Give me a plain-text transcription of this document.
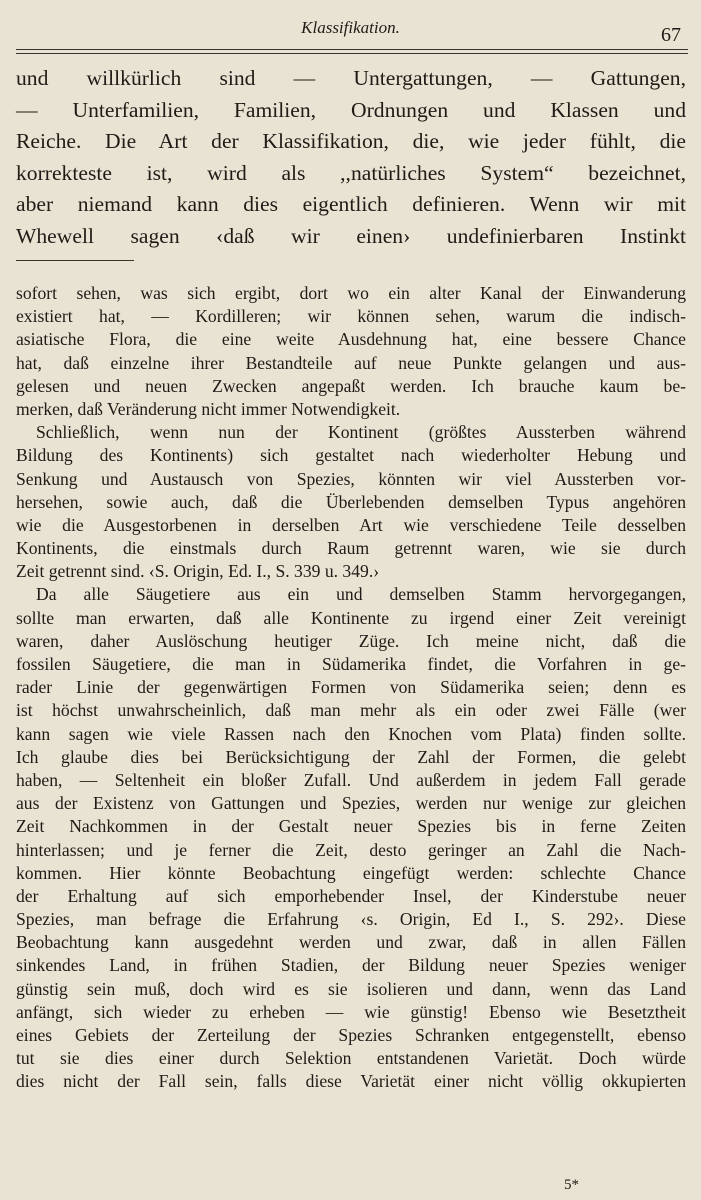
Klassifikation.	67
und willkürlich sind — Untergattungen, — Gattungen,
— Unterfamilien, Familien, Ordnungen und Klassen und
Reiche. Die Art der Klassifikation, die, wie jeder fühlt, die
korrekteste ist, wird als ,,natürliches System“ bezeichnet,
aber niemand kann dies eigentlich definieren. Wenn wir mit
Whewell sagen ‹daß wir einen› undefinierbaren Instinkt
sofort sehen, was sich ergibt, dort wo ein alter Kanal der Einwanderung
existiert hat, — Kordilleren; wir können sehen, warum die indisch-
asiatische Flora, die eine weite Ausdehnung hat, eine bessere Chance
hat, daß einzelne ihrer Bestandteile auf neue Punkte gelangen und aus-
gelesen und neuen Zwecken angepaßt werden. Ich brauche kaum be-
merken, daß Veränderung nicht immer Notwendigkeit.
Schließlich, wenn nun der Kontinent (größtes Aussterben während
Bildung des Kontinents) sich gestaltet nach wiederholter Hebung und
Senkung und Austausch von Spezies, könnten wir viel Aussterben vor-
hersehen, sowie auch, daß die Überlebenden demselben Typus angehören
wie die Ausgestorbenen in derselben Art wie verschiedene Teile desselben
Kontinents, die einstmals durch Raum getrennt waren, wie sie durch
Zeit getrennt sind. ‹S. Origin, Ed. I., S. 339 u. 349.›
Da alle Säugetiere aus ein und demselben Stamm hervorgegangen,
sollte man erwarten, daß alle Kontinente zu irgend einer Zeit vereinigt
waren, daher Auslöschung heutiger Züge. Ich meine nicht, daß die
fossilen Säugetiere, die man in Südamerika findet, die Vorfahren in ge-
rader Linie der gegenwärtigen Formen von Südamerika seien; denn es
ist höchst unwahrscheinlich, daß man mehr als ein oder zwei Fälle (wer
kann sagen wie viele Rassen nach den Knochen vom Plata) finden sollte.
Ich glaube dies bei Berücksichtigung der Zahl der Formen, die gelebt
haben, — Seltenheit ein bloßer Zufall. Und außerdem in jedem Fall gerade
aus der Existenz von Gattungen und Spezies, werden nur wenige zur gleichen
Zeit Nachkommen in der Gestalt neuer Spezies bis in ferne Zeiten
hinterlassen; und je ferner die Zeit, desto geringer an Zahl die Nach-
kommen. Hier könnte Beobachtung eingefügt werden: schlechte Chance
der Erhaltung auf sich emporhebender Insel, der Kinderstube neuer
Spezies, man befrage die Erfahrung ‹s. Origin, Ed I., S. 292›. Diese
Beobachtung kann ausgedehnt werden und zwar, daß in allen Fällen
sinkendes Land, in frühen Stadien, der Bildung neuer Spezies weniger
günstig sein muß, doch wird es sie isolieren und dann, wenn das Land
anfängt, sich wieder zu erheben — wie günstig! Ebenso wie Besetztheit
eines Gebiets der Zerteilung der Spezies Schranken entgegenstellt, ebenso
tut sie dies einer durch Selektion entstandenen Varietät. Doch würde
dies nicht der Fall sein, falls diese Varietät einer nicht völlig okkupierten
5*
